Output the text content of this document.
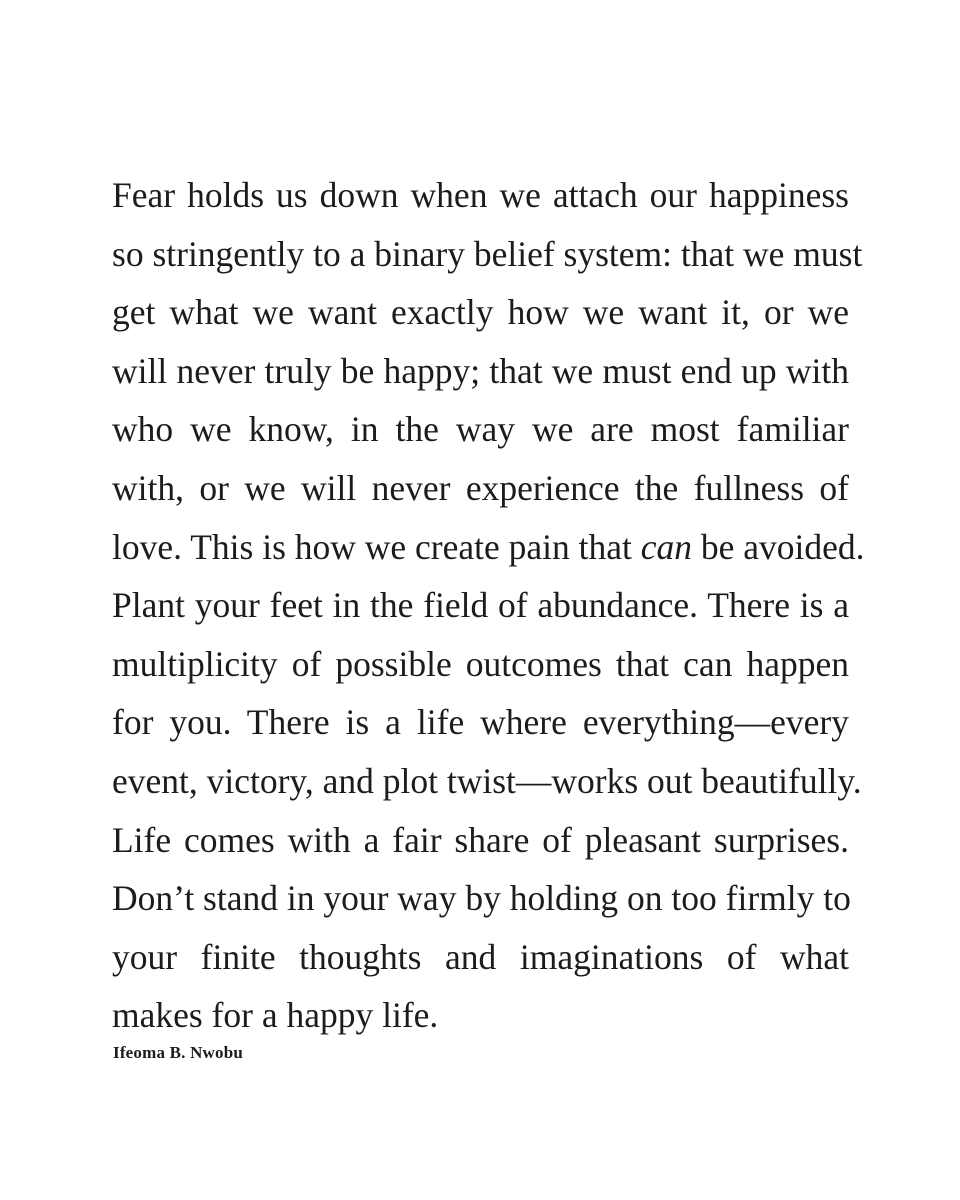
Fear holds us down when we attach our happiness
so stringently to a binary belief system: that we must
get what we want exactly how we want it, or we
will never truly be happy; that we must end up with
who we know, in the way we are most familiar
with, or we will never experience the fullness of
love. This is how we create pain that can be avoided.
Plant your feet in the field of abundance. There is a
multiplicity of possible outcomes that can happen
for you. There is a life where everything—every
event, victory, and plot twist—works out beautifully.
Life comes with a fair share of pleasant surprises.
Don’t stand in your way by holding on too firmly to
your finite thoughts and imaginations of what
makes for a happy life.

Ifeoma B. Nwobu
